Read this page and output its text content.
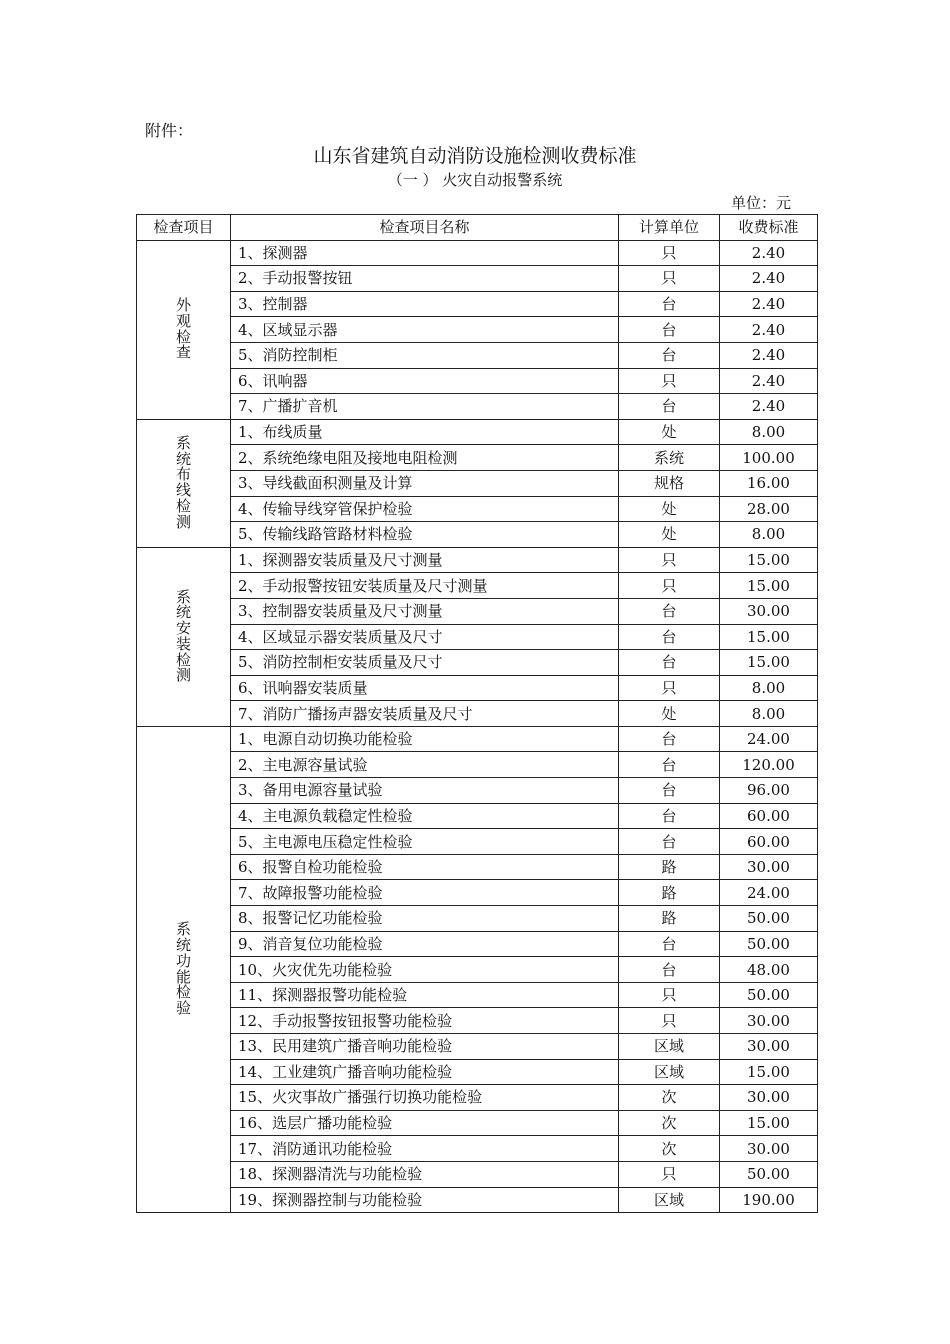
附件：
山东省建筑自动消防设施检测收费标准
（一 ） 火灾自动报警系统
单位：元
检查项目	检查项目名称	计算单位	收费标准
外观检查	1、探测器	只	2.40
	2、手动报警按钮	只	2.40
	3、控制器	台	2.40
	4、区域显示器	台	2.40
	5、消防控制柜	台	2.40
	6、讯响器	只	2.40
	7、广播扩音机	台	2.40
系统布线检测	1、布线质量	处	8.00
	2、系统绝缘电阻及接地电阻检测	系统	100.00
	3、导线截面积测量及计算	规格	16.00
	4、传输导线穿管保护检验	处	28.00
	5、传输线路管路材料检验	处	8.00
系统安装检测	1、探测器安装质量及尺寸测量	只	15.00
	2、手动报警按钮安装质量及尺寸测量	只	15.00
	3、控制器安装质量及尺寸测量	台	30.00
	4、区域显示器安装质量及尺寸	台	15.00
	5、消防控制柜安装质量及尺寸	台	15.00
	6、讯响器安装质量	只	8.00
	7、消防广播扬声器安装质量及尺寸	处	8.00
系统功能检验	1、电源自动切换功能检验	台	24.00
	2、主电源容量试验	台	120.00
	3、备用电源容量试验	台	96.00
	4、主电源负载稳定性检验	台	60.00
	5、主电源电压稳定性检验	台	60.00
	6、报警自检功能检验	路	30.00
	7、故障报警功能检验	路	24.00
	8、报警记忆功能检验	路	50.00
	9、消音复位功能检验	台	50.00
	10、火灾优先功能检验	台	48.00
	11、探测器报警功能检验	只	50.00
	12、手动报警按钮报警功能检验	只	30.00
	13、民用建筑广播音响功能检验	区域	30.00
	14、工业建筑广播音响功能检验	区域	15.00
	15、火灾事故广播强行切换功能检验	次	30.00
	16、选层广播功能检验	次	15.00
	17、消防通讯功能检验	次	30.00
	18、探测器清洗与功能检验	只	50.00
	19、探测器控制与功能检验	区域	190.00
